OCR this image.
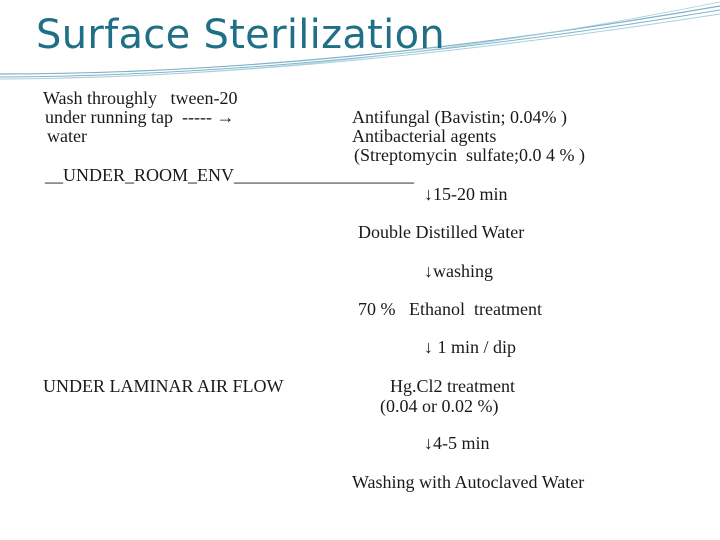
Surface Sterilization
Wash throughly   tween-20
under running tap  ----- →
water
Antifungal (Bavistin; 0.04% )
Antibacterial agents
(Streptomycin  sulfate;0.0 4 % )
__UNDER_ROOM_ENV____________________
↓15-20 min
Double Distilled Water
↓washing
70 %   Ethanol  treatment
↓ 1 min / dip
UNDER LAMINAR AIR FLOW	Hg.Cl2 treatment
(0.04 or 0.02 %)
↓4-5 min
Washing with Autoclaved Water
